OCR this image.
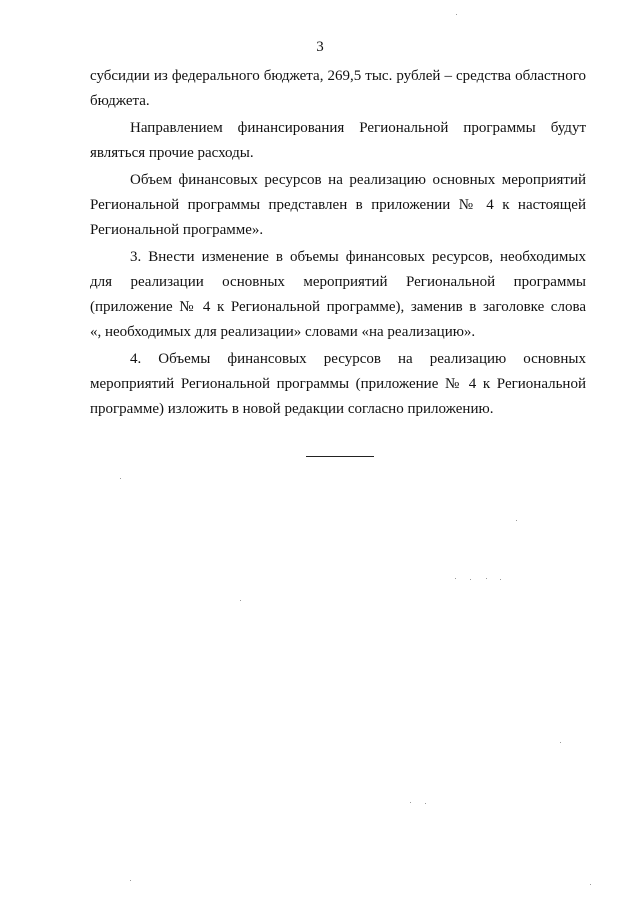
3
субсидии из федерального бюджета, 269,5 тыс. рублей – средства областного
бюджета.
Направлением финансирования Региональной программы будут
являться прочие расходы.
Объем финансовых ресурсов на реализацию основных мероприятий
Региональной программы представлен в приложении № 4 к настоящей
Региональной программе».
3. Внести изменение в объемы финансовых ресурсов, необходимых
для реализации основных мероприятий Региональной программы
(приложение № 4 к Региональной программе), заменив в заголовке слова
«, необходимых для реализации» словами «на реализацию».
4. Объемы финансовых ресурсов на реализацию основных
мероприятий Региональной программы (приложение № 4 к Региональной
программе) изложить в новой редакции согласно приложению.
